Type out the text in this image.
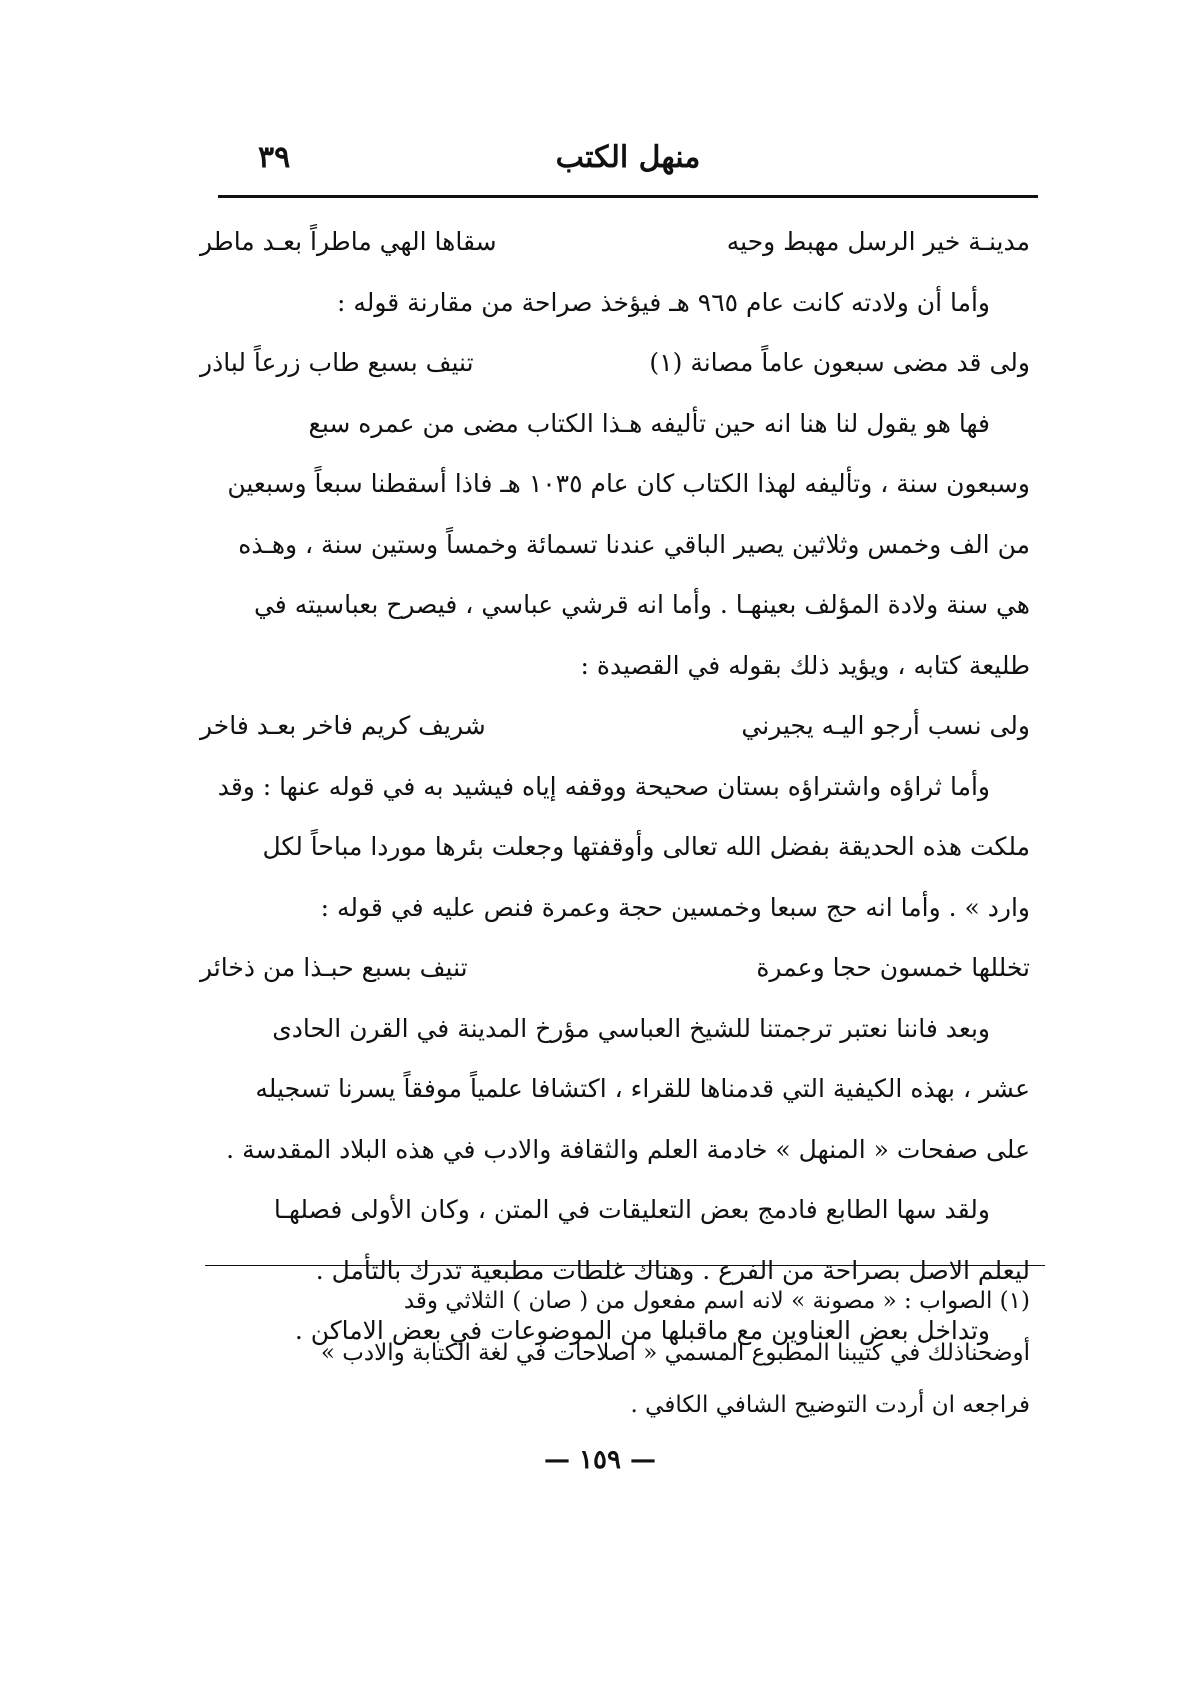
منهل الكتب
٣٩
مدينـة خير الرسل مهبط وحيه
سقاها الهي ماطراً بعـد ماطر
وأما أن ولادته كانت عام ٩٦٥ هـ فيؤخذ صراحة من مقارنة قوله :
ولى قد مضى سبعون عاماً مصانة (١)
تنيف بسبع طاب زرعاً لباذر
فها هو يقول لنا هنا انه حين تأليفه هـذا الكتاب مضى من عمره سبع
وسبعون سنة ، وتأليفه لهذا الكتاب كان عام ١٠٣٥ هـ فاذا أسقطنا سبعاً وسبعين
من الف وخمس وثلاثين يصير الباقي عندنا تسمائة وخمساً وستين سنة ، وهـذه
هي سنة ولادة المؤلف بعينهـا . وأما انه قرشي عباسي ، فيصرح بعباسيته في
طليعة كتابه ، ويؤيد ذلك بقوله في القصيدة :
ولى نسب أرجو اليـه يجيرني
شريف كريم فاخر بعـد فاخر
وأما ثراؤه واشتراؤه بستان صحيحة ووقفه إياه فيشيد به في قوله عنها : وقد
ملكت هذه الحديقة بفضل الله تعالى وأوقفتها وجعلت بئرها موردا مباحاً لكل
وارد » . وأما انه حج سبعا وخمسين حجة وعمرة فنص عليه في قوله :
تخللها خمسون حجا وعمرة
تنيف بسبع حبـذا من ذخائر
وبعد فاننا نعتبر ترجمتنا للشيخ العباسي مؤرخ المدينة في القرن الحادى
عشر ، بهذه الكيفية التي قدمناها للقراء ، اكتشافا علمياً موفقاً يسرنا تسجيله
على صفحات « المنهل » خادمة العلم والثقافة والادب في هذه البلاد المقدسة .
ولقد سها الطابع فادمج بعض التعليقات في المتن ، وكان الأولى فصلهـا
ليعلم الاصل بصراحة من الفرع . وهناك غلطات مطبعية تدرك بالتأمل .
وتداخل بعض العناوين مع ماقبلها من الموضوعات في بعض الاماكن .
(١) الصواب : « مصونة » لانه اسم مفعول من ( صان ) الثلاثي وقد
أوضحناذلك في كتيبنا المطبوع المسمي « اصلاحات في لغة الكتابة والادب »
فراجعه ان أردت التوضيح الشافي الكافي .
— ١٥٩ —
